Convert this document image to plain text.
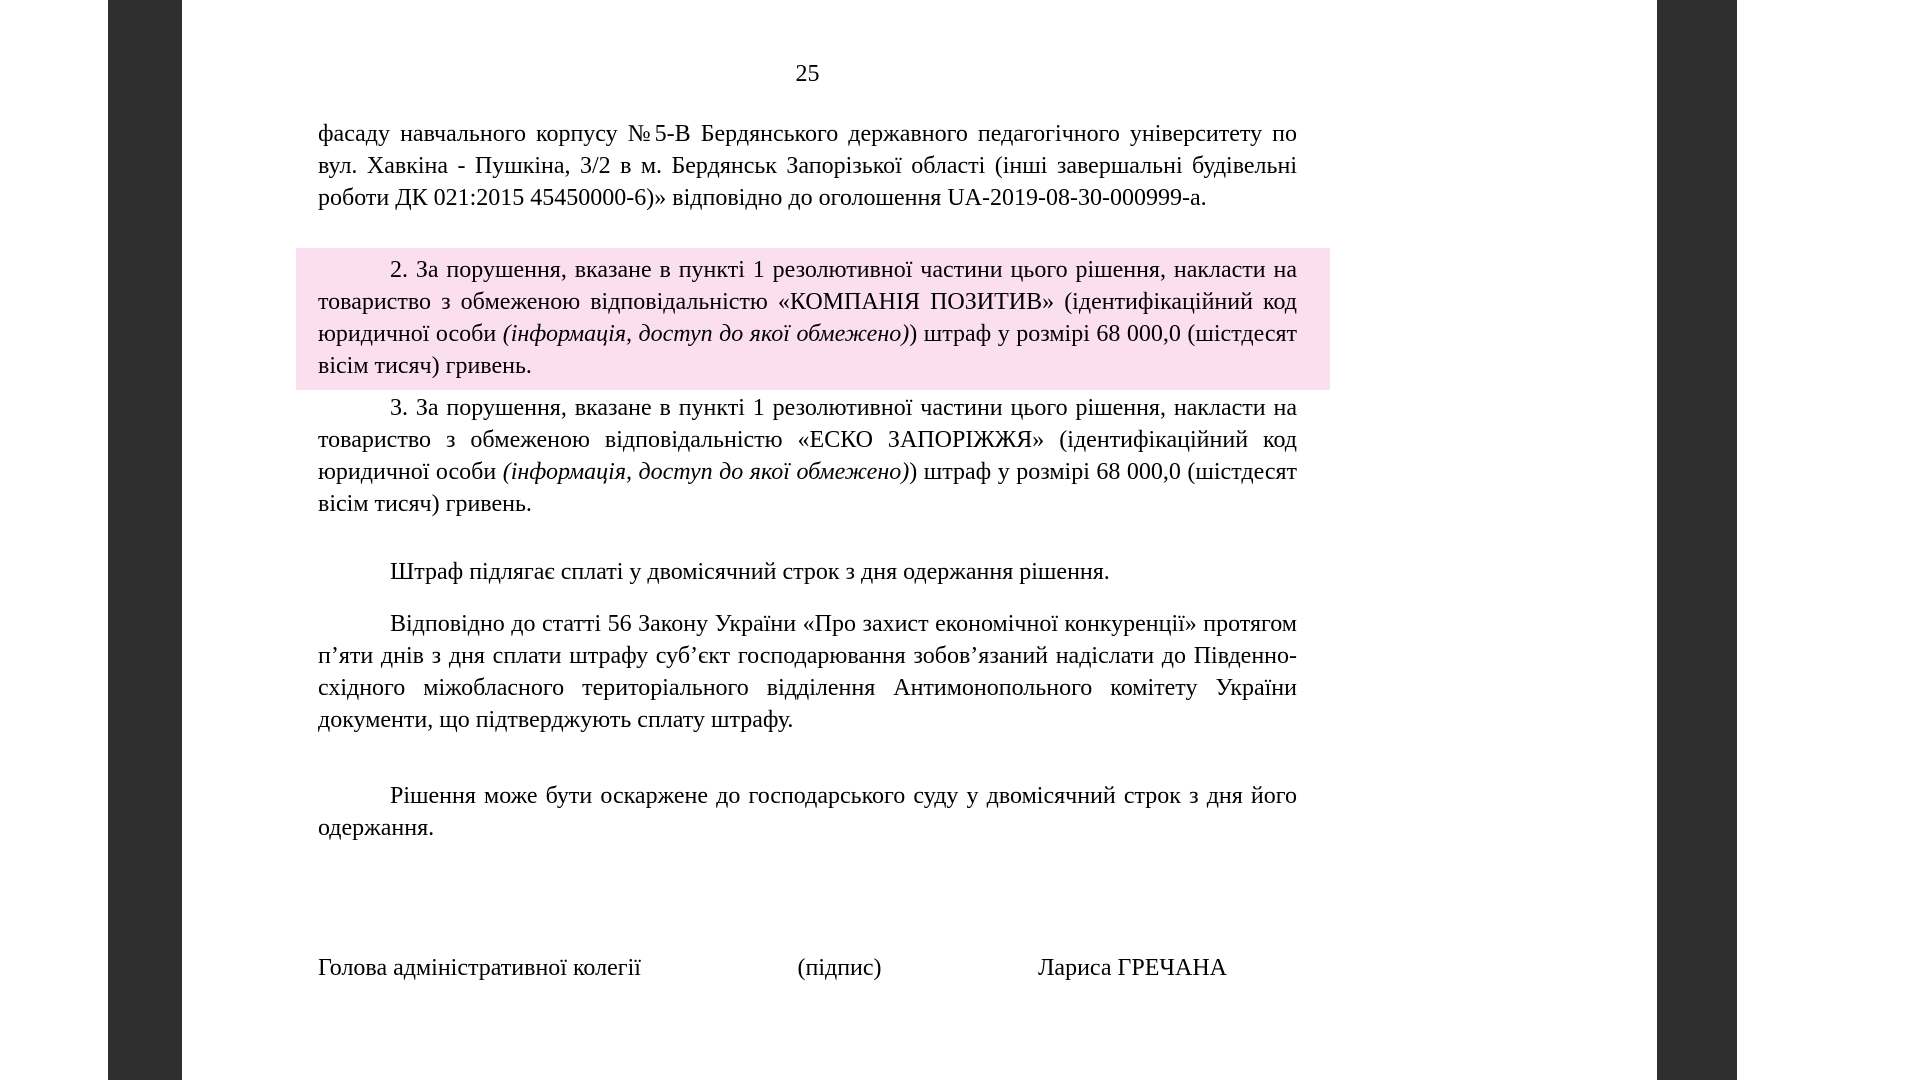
25
фасаду навчального корпусу №5-В Бердянського державного педагогічного університету по вул. Хавкіна - Пушкіна, 3/2 в м. Бердянськ Запорізької області (інші завершальні будівельні роботи ДК 021:2015 45450000-6)» відповідно до оголошення UA-2019-08-30-000999-а.
2. За порушення, вказане в пункті 1 резолютивної частини цього рішення, накласти на товариство з обмеженою відповідальністю «КОМПАНІЯ ПОЗИТИВ» (ідентифікаційний код юридичної особи (інформація, доступ до якої обмежено)) штраф у розмірі 68 000,0 (шістдесят вісім тисяч) гривень.
3. За порушення, вказане в пункті 1 резолютивної частини цього рішення, накласти на товариство з обмеженою відповідальністю «ЕСКО ЗАПОРІЖЖЯ» (ідентифікаційний код юридичної особи (інформація, доступ до якої обмежено)) штраф у розмірі 68 000,0 (шістдесят вісім тисяч) гривень.
Штраф підлягає сплаті у двомісячний строк з дня одержання рішення.
Відповідно до статті 56 Закону України «Про захист економічної конкуренції» протягом п’яти днів з дня сплати штрафу суб’єкт господарювання зобов’язаний надіслати до Південно-східного міжобласного територіального відділення Антимонопольного комітету України документи, що підтверджують сплату штрафу.
Рішення може бути оскаржене до господарського суду у двомісячний строк з дня його одержання.
Голова адміністративної колегії	(підпис)	Лариса ГРЕЧАНА
